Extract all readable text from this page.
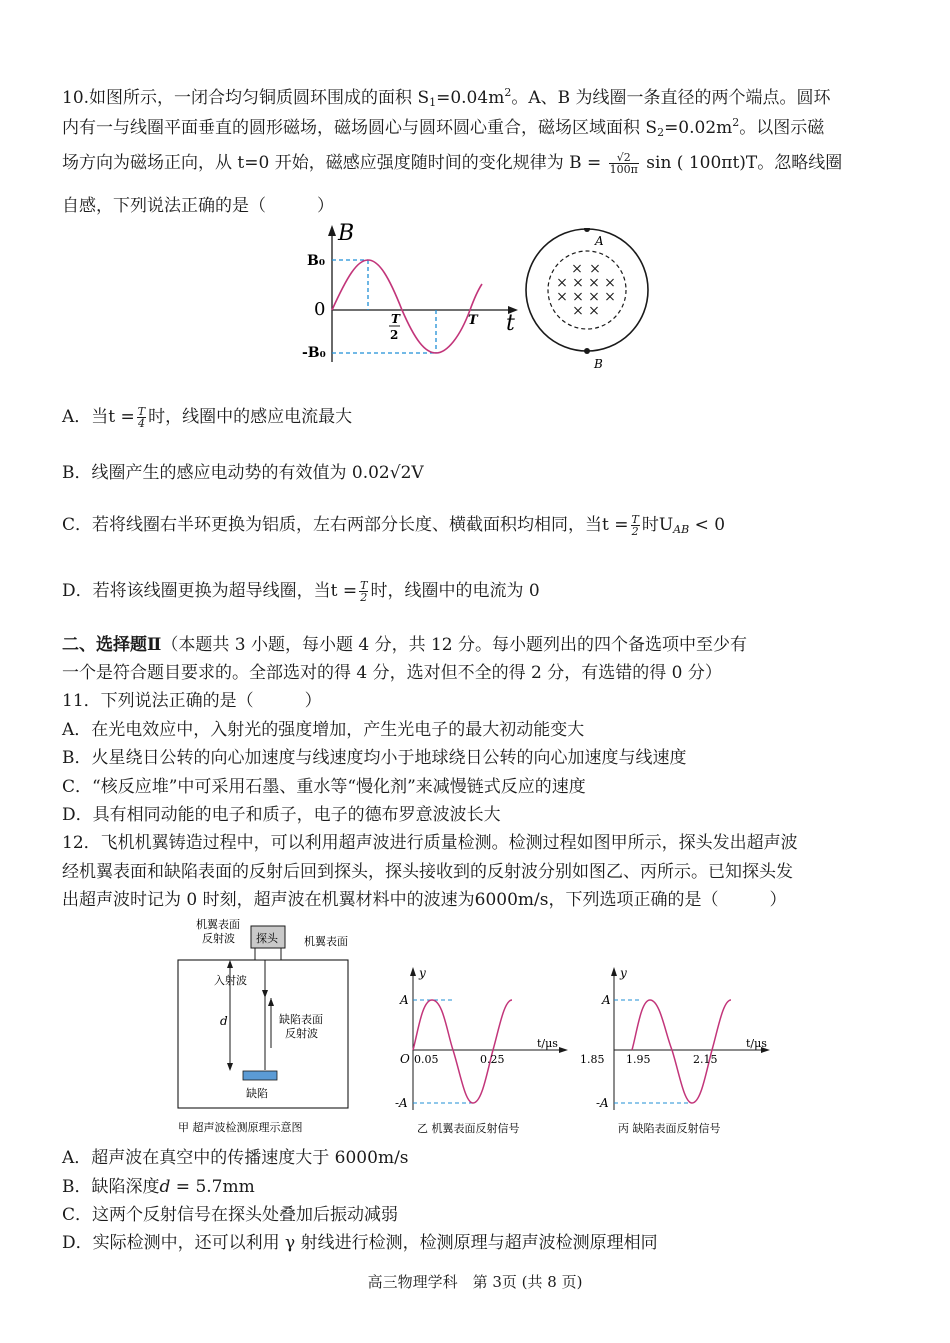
10.如图所示，一闭合均匀铜质圆环围成的面积 $S_1=0.04m^2$。A、B 为线圈一条直径的两个端点。圆环
内有一与线圈平面垂直的圆形磁场，磁场圆心与圆环圆心重合，磁场区域面积 $S_2=0.02m^2$。以图示磁
场方向为磁场正向，从 t=0 开始，磁感应强度随时间的变化规律为 $B = \frac{√2}{100\pi}$ sin ( 100πt)T。忽略线圈
自感，下列说法正确的是（　　　）
B
B₀
-B₀
0	T
2
T t
A
B
× ×
× × × ×
× × × ×
× ×
A．当$t = \frac{T}{4}$ 时，线圈中的感应电流最大
B．线圈产生的感应电动势的有效值为 0.02√2V
C．若将线圈右半环更换为铝质，左右两部分长度、横截面积均相同，当$t = \frac{T}{2}$ 时$U_{AB} < 0$
D．若将该线圈更换为超导线圈，当$t = \frac{T}{2}$ 时，线圈中的电流为 0
二、选择题Ⅱ（本题共 3 小题，每小题 4 分，共 12 分。每小题列出的四个备选项中至少有
一个是符合题目要求的。全部选对的得 4 分，选对但不全的得 2 分，有选错的得 0 分）
11．下列说法正确的是（　　　）
A．在光电效应中，入射光的强度增加，产生光电子的最大初动能变大
B．火星绕日公转的向心加速度与线速度均小于地球绕日公转的向心加速度与线速度
C．“核反应堆”中可采用石墨、重水等“慢化剂”来减慢链式反应的速度
D．具有相同动能的电子和质子，电子的德布罗意波波长大
12．飞机机翼铸造过程中，可以利用超声波进行质量检测。检测过程如图甲所示，探头发出超声波
经机翼表面和缺陷表面的反射后回到探头，探头接收到的反射波分别如图乙、丙所示。已知探头发
出超声波时记为 0 时刻，超声波在机翼材料中的波速为6000m/s，下列选项正确的是（　　　）
机翼表面
反射波 探头 机翼表面
入射波
d	缺陷表面
反射波
缺陷
甲 超声波检测原理示意图
y
A
-A
O 0.05	0.25
t/μs
乙 机翼表面反射信号
y
A
-A
1.85 1.95	2.15
t/μs
丙 缺陷表面反射信号
A．超声波在真空中的传播速度大于 6000m/s
B．缺陷深度d = 5.7mm
C．这两个反射信号在探头处叠加后振动减弱
D．实际检测中，还可以利用 γ 射线进行检测，检测原理与超声波检测原理相同
高三物理学科　第 3页 (共 8 页)
